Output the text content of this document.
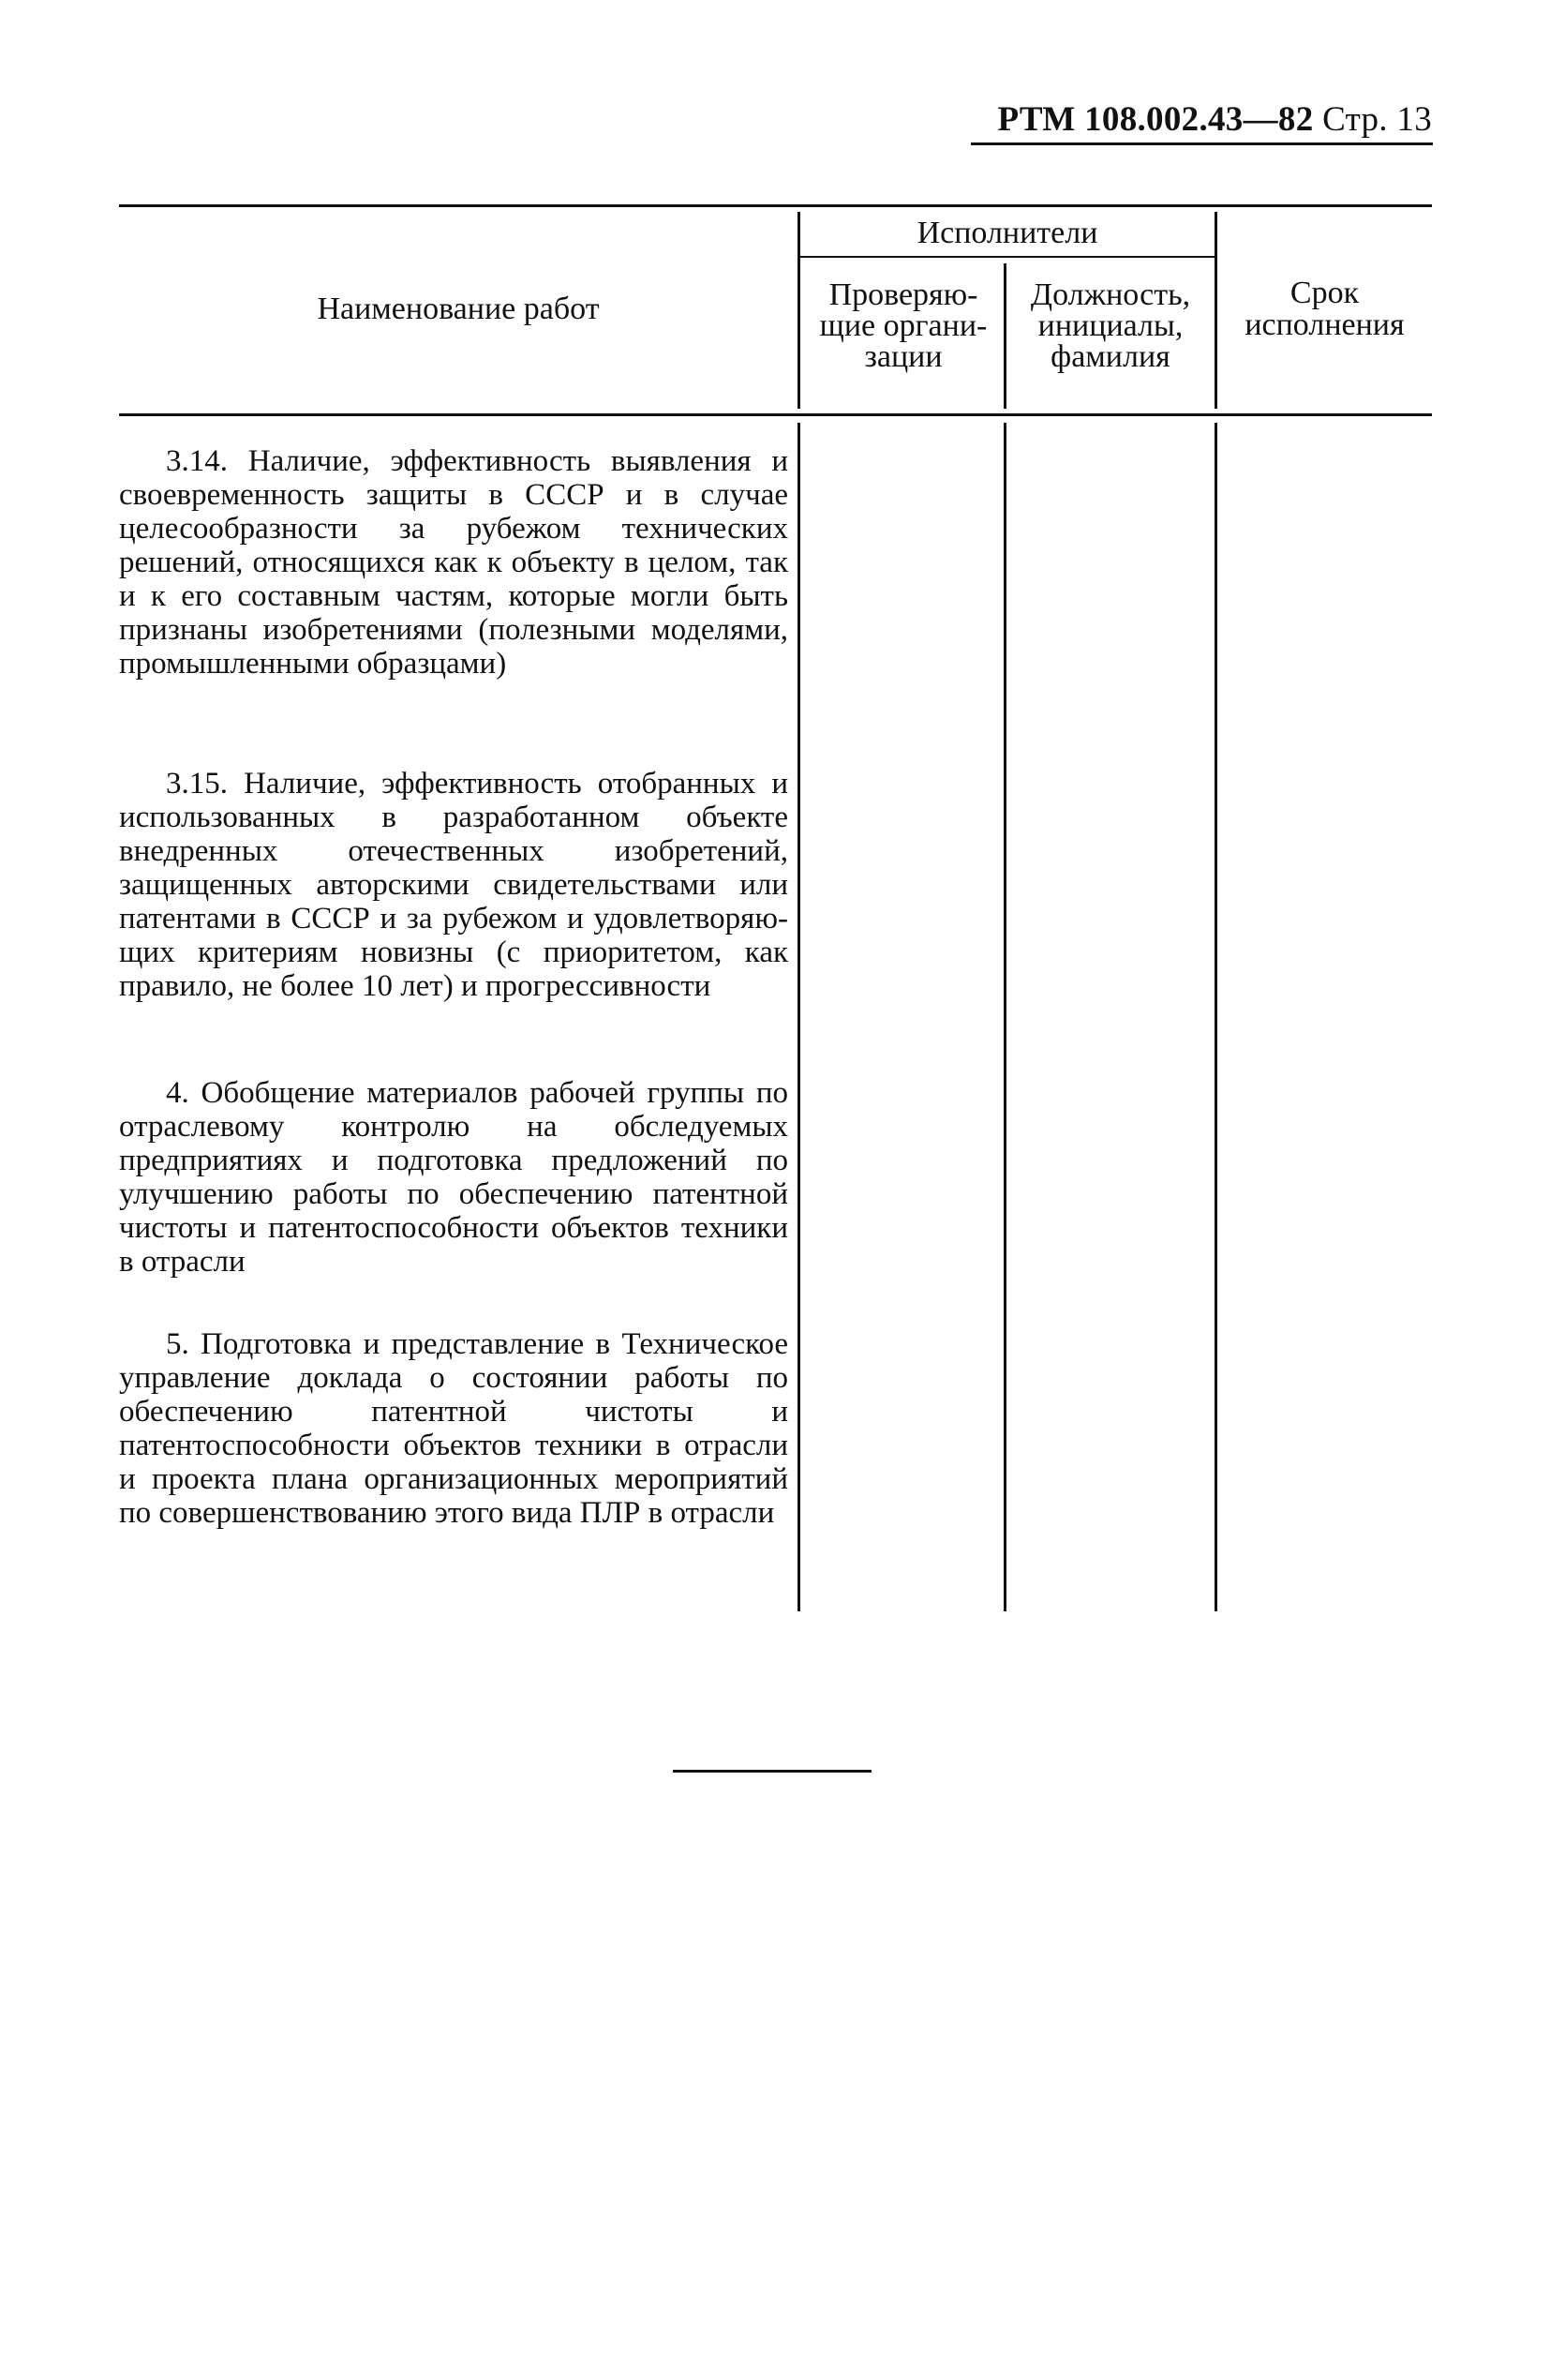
РТМ 108.002.43—82 Стр. 13
Наименование работ
Исполнители
Проверяю-щие органи-зации
Должность, инициалы, фамилия
Срок исполнения
3.14. Наличие, эффективность выявления и своевременность защиты в СССР и в случае целесообразности за рубежом технических решений, относящихся как к объекту в целом, так и к его составным частям, которые могли быть признаны изобретениями (полезными моделями, промышленными образцами)
3.15. Наличие, эффективность отобранных и использованных в разработанном объекте внедренных отечественных изобретений, защищенных авторскими свидетельствами или патентами в СССР и за рубежом и удовлетворяющих критериям новизны (с приоритетом, как правило, не более 10 лет) и прогрессивности
4. Обобщение материалов рабочей группы по отраслевому контролю на обследуемых предприятиях и подготовка предложений по улучшению работы по обеспечению патентной чистоты и патентоспособности объектов техники в отрасли
5. Подготовка и представление в Техническое управление доклада о состоянии работы по обеспечению патентной чистоты и патентоспособности объектов техники в отрасли и проекта плана организационных мероприятий по совершенствованию этого вида ПЛР в отрасли
